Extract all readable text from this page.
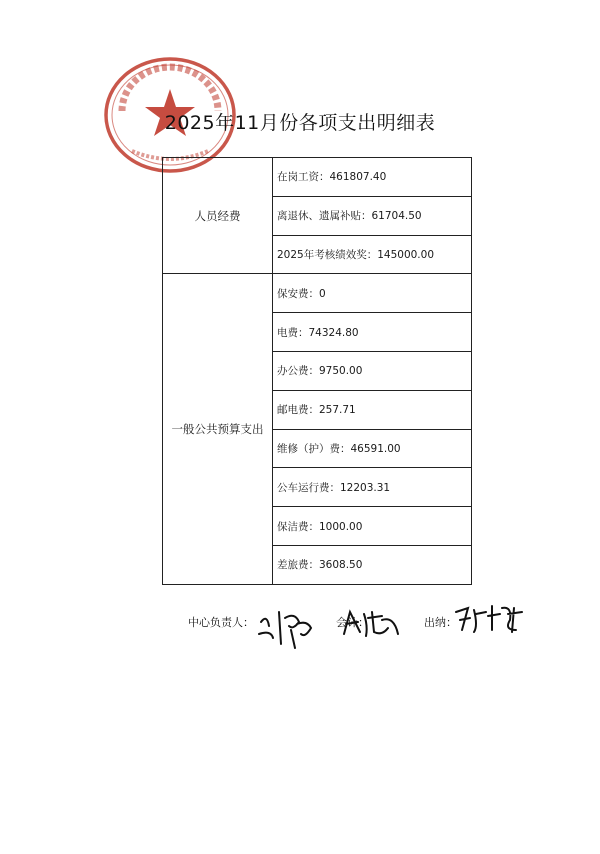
2025年11月份各项支出明细表
人员经费	在岗工资：461807.40
	离退休、遗属补贴：61704.50
	2025年考核绩效奖：145000.00
一般公共预算支出	保安费：0
	电费：74324.80
	办公费：9750.00
	邮电费：257.71
	维修（护）费：46591.00
	公车运行费：12203.31
	保洁费：1000.00
	差旅费：3608.50
中心负责人：	会计：	出纳：
